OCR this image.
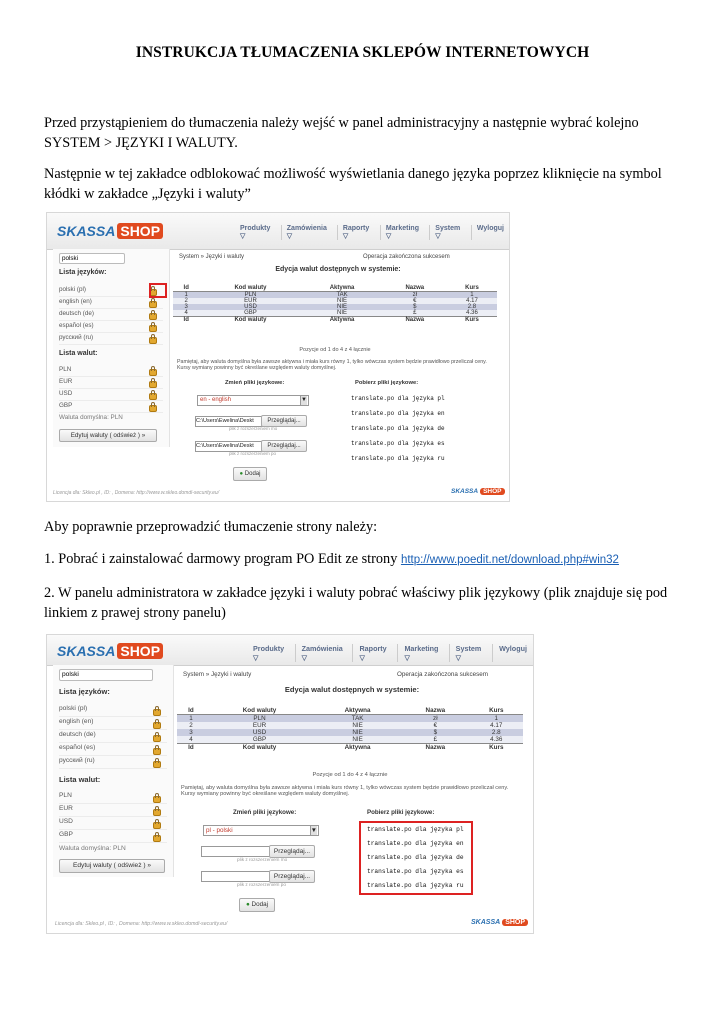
INSTRUKCJA TŁUMACZENIA SKLEPÓW INTERNETOWYCH
Przed przystąpieniem do tłumaczenia należy wejść w panel administracyjny a następnie wybrać kolejno SYSTEM > JĘZYKI I WALUTY.
Następnie w tej zakładce odblokować możliwość wyświetlania danego języka poprzez kliknięcie na symbol kłódki w zakładce „Języki i waluty”
SKASSA SHOP	Produkty ▽
Zamówienia ▽
Raporty ▽
Marketing ▽
System ▽
Wyloguj
polski
Lista języków:
polski (pl)
english (en)
deutsch (de)
español (es)
русский (ru)
Lista walut:
PLN
EUR
USD
GBP
Waluta domyślna: PLN
Edytuj waluty ( odśwież ) »
System » Języki i waluty	Operacja zakończona sukcesem
Edycja walut dostępnych w systemie:
Id	Kod waluty	Aktywna	Nazwa	Kurs
1	PLN	TAK	zł	1
2	EUR	NIE	€	4.17
3	USD	NIE	$	2.8
4	GBP	NIE	£	4.36
Id	Kod waluty	Aktywna	Nazwa	Kurs
Pozycje od 1 do 4 z 4 łącznie
Pamiętaj, aby waluta domyślna była zawsze aktywna i miała kurs równy 1, tylko wówczas system będzie prawidłowo przeliczał ceny. Kursy wymiany powinny być określane względem waluty domyślnej.
Zmień pliki językowe:	Pobierz pliki językowe:
en - english ▼
C:\Users\Ewelina\Deskt	Przeglądaj...
plik z rozszerzeniem mo
C:\Users\Ewelina\Deskt	Przeglądaj...
plik z rozszerzeniem po
● Dodaj
translate.po dla języka pl
translate.po dla języka en
translate.po dla języka de
translate.po dla języka es
translate.po dla języka ru
Licencja dla: Skleo.pl , ID: , Domena: http://www.w.skleo.domdi-security.eu/	SKASSA SHOP
Aby poprawnie przeprowadzić tłumaczenie strony należy:
1. Pobrać i zainstalować darmowy program PO Edit ze strony http://www.poedit.net/download.php#win32
2. W panelu administratora w zakładce języki i waluty pobrać właściwy plik językowy (plik znajduje się pod linkiem z prawej strony panelu)
SKASSA SHOP	Produkty ▽
Zamówienia ▽
Raporty ▽
Marketing ▽
System ▽
Wyloguj
polski
Lista języków:
polski (pl)
english (en)
deutsch (de)
español (es)
русский (ru)
Lista walut:
PLN
EUR
USD
GBP
Waluta domyślna: PLN
Edytuj waluty ( odśwież ) »
System » Języki i waluty	Operacja zakończona sukcesem
Edycja walut dostępnych w systemie:
Id	Kod waluty	Aktywna	Nazwa	Kurs
1	PLN	TAK	zł	1
2	EUR	NIE	€	4.17
3	USD	NIE	$	2.8
4	GBP	NIE	£	4.36
Id	Kod waluty	Aktywna	Nazwa	Kurs
Pozycje od 1 do 4 z 4 łącznie
Pamiętaj, aby waluta domyślna była zawsze aktywna i miała kurs równy 1, tylko wówczas system będzie prawidłowo przeliczał ceny. Kursy wymiany powinny być określane względem waluty domyślnej.
Zmień pliki językowe:	Pobierz pliki językowe:
pl - polski ▼
Przeglądaj...
plik z rozszerzeniem mo
Przeglądaj...
plik z rozszerzeniem po
● Dodaj
translate.po dla języka pl
translate.po dla języka en
translate.po dla języka de
translate.po dla języka es
translate.po dla języka ru
Licencja dla: Skleo.pl , ID: , Domena: http://www.w.skleo.domdi-security.eu/	SKASSA SHOP
